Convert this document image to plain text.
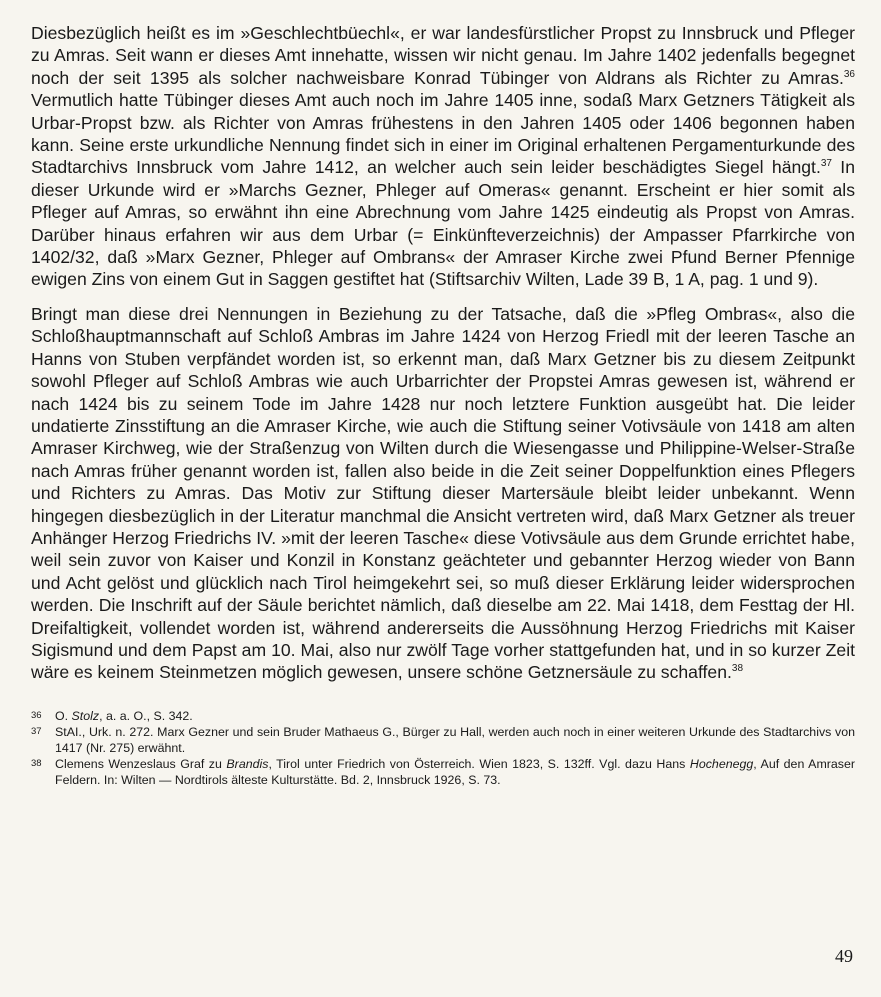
Diesbezüglich heißt es im »Geschlechtbüechl«, er war landesfürstlicher Propst zu Innsbruck und Pfleger zu Amras. Seit wann er dieses Amt innehatte, wissen wir nicht genau. Im Jahre 1402 jedenfalls begegnet noch der seit 1395 als solcher nachweisbare Konrad Tübinger von Aldrans als Richter zu Amras.$^{36}$ Vermutlich hatte Tübinger dieses Amt auch noch im Jahre 1405 inne, sodaß Marx Getzners Tätigkeit als Urbar-Propst bzw. als Richter von Amras frühestens in den Jahren 1405 oder 1406 begonnen haben kann. Seine erste urkundliche Nennung findet sich in einer im Original erhaltenen Pergamenturkunde des Stadtarchivs Innsbruck vom Jahre 1412, an welcher auch sein leider beschädigtes Siegel hängt.$^{37}$ In dieser Urkunde wird er »Marchs Gezner, Phleger auf Omeras« genannt. Erscheint er hier somit als Pfleger auf Amras, so erwähnt ihn eine Abrechnung vom Jahre 1425 eindeutig als Propst von Amras. Darüber hinaus erfahren wir aus dem Urbar (= Einkünfteverzeichnis) der Ampasser Pfarrkirche von 1402/32, daß »Marx Gezner, Phleger auf Ombrans« der Amraser Kirche zwei Pfund Berner Pfennige ewigen Zins von einem Gut in Saggen gestiftet hat (Stiftsarchiv Wilten, Lade 39 B, 1 A, pag. 1 und 9).

Bringt man diese drei Nennungen in Beziehung zu der Tatsache, daß die »Pfleg Ombras«, also die Schloßhauptmannschaft auf Schloß Ambras im Jahre 1424 von Herzog Friedl mit der leeren Tasche an Hanns von Stuben verpfändet worden ist, so erkennt man, daß Marx Getzner bis zu diesem Zeitpunkt sowohl Pfleger auf Schloß Ambras wie auch Urbarrichter der Propstei Amras gewesen ist, während er nach 1424 bis zu seinem Tode im Jahre 1428 nur noch letztere Funktion ausgeübt hat. Die leider undatierte Zinsstiftung an die Amraser Kirche, wie auch die Stiftung seiner Votivsäule von 1418 am alten Amraser Kirchweg, wie der Straßenzug von Wilten durch die Wiesengasse und Philippine-Welser-Straße nach Amras früher genannt worden ist, fallen also beide in die Zeit seiner Doppelfunktion eines Pflegers und Richters zu Amras. Das Motiv zur Stiftung dieser Martersäule bleibt leider unbekannt. Wenn hingegen diesbezüglich in der Literatur manchmal die Ansicht vertreten wird, daß Marx Getzner als treuer Anhänger Herzog Friedrichs IV. »mit der leeren Tasche« diese Votivsäule aus dem Grunde errichtet habe, weil sein zuvor von Kaiser und Konzil in Konstanz geächteter und gebannter Herzog wieder von Bann und Acht gelöst und glücklich nach Tirol heimgekehrt sei, so muß dieser Erklärung leider widersprochen werden. Die Inschrift auf der Säule berichtet nämlich, daß dieselbe am 22. Mai 1418, dem Festtag der Hl. Dreifaltigkeit, vollendet worden ist, während andererseits die Aussöhnung Herzog Friedrichs mit Kaiser Sigismund und dem Papst am 10. Mai, also nur zwölf Tage vorher stattgefunden hat, und in so kurzer Zeit wäre es keinem Steinmetzen möglich gewesen, unsere schöne Getznersäule zu schaffen.$^{38}$

36 O. Stolz, a. a. O., S. 342.
37 StAI., Urk. n. 272. Marx Gezner und sein Bruder Mathaeus G., Bürger zu Hall, werden auch noch in einer weiteren Urkunde des Stadtarchivs von 1417 (Nr. 275) erwähnt.
38 Clemens Wenzeslaus Graf zu Brandis, Tirol unter Friedrich von Österreich. Wien 1823, S. 132ff. Vgl. dazu Hans Hochenegg, Auf den Amraser Feldern. In: Wilten — Nordtirols älteste Kulturstätte. Bd. 2, Innsbruck 1926, S. 73.
49
